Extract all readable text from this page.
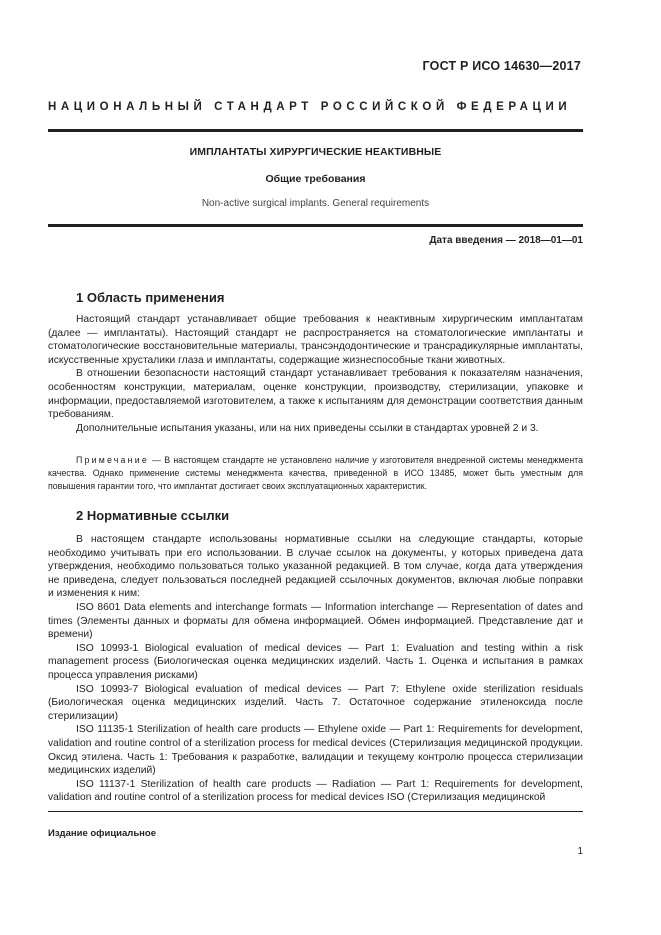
ГОСТ Р ИСО 14630—2017
НАЦИОНАЛЬНЫЙ СТАНДАРТ РОССИЙСКОЙ ФЕДЕРАЦИИ
ИМПЛАНТАТЫ ХИРУРГИЧЕСКИЕ НЕАКТИВНЫЕ
Общие требования
Non-active surgical implants. General requirements
Дата введения — 2018—01—01
1 Область применения

Настоящий стандарт устанавливает общие требования к неактивным хирургическим имплантатам (далее — имплантаты). Настоящий стандарт не распространяется на стоматологические имплантаты и стоматологические восстановительные материалы, трансэндодонтические и трансрадикулярные имплантаты, искусственные хрусталики глаза и имплантаты, содержащие жизнеспособные ткани животных.

В отношении безопасности настоящий стандарт устанавливает требования к показателям назначения, особенностям конструкции, материалам, оценке конструкции, производству, стерилизации, упаковке и информации, предоставляемой изготовителем, а также к испытаниям для демонстрации соответствия данным требованиям.

Дополнительные испытания указаны, или на них приведены ссылки в стандартах уровней 2 и 3.

Примечание — В настоящем стандарте не установлено наличие у изготовителя внедренной системы менеджмента качества. Однако применение системы менеджмента качества, приведенной в ИСО 13485, может быть уместным для повышения гарантии того, что имплантат достигает своих эксплуатационных характеристик.
2 Нормативные ссылки

В настоящем стандарте использованы нормативные ссылки на следующие стандарты, которые необходимо учитывать при его использовании. В случае ссылок на документы, у которых приведена дата утверждения, необходимо пользоваться только указанной редакцией. В том случае, когда дата утверждения не приведена, следует пользоваться последней редакцией ссылочных документов, включая любые поправки и изменения к ним:

ISO 8601 Data elements and interchange formats — Information interchange — Representation of dates and times (Элементы данных и форматы для обмена информацией. Обмен информацией. Представление дат и времени)

ISO 10993-1 Biological evaluation of medical devices — Part 1: Evaluation and testing within a risk management process (Биологическая оценка медицинских изделий. Часть 1. Оценка и испытания в рамках процесса управления рисками)

ISO 10993-7 Biological evaluation of medical devices — Part 7: Ethylene oxide sterilization residuals (Биологическая оценка медицинских изделий. Часть 7. Остаточное содержание этиленоксида после стерилизации)

ISO 11135-1 Sterilization of health care products — Ethylene oxide — Part 1: Requirements for development, validation and routine control of a sterilization process for medical devices (Стерилизация медицинской продукции. Оксид этилена. Часть 1: Требования к разработке, валидации и текущему контролю процесса стерилизации медицинских изделий)

ISO 11137-1 Sterilization of health care products — Radiation — Part 1: Requirements for development, validation and routine control of a sterilization process for medical devices ISO (Стерилизация медицинской

Издание официальное
1
